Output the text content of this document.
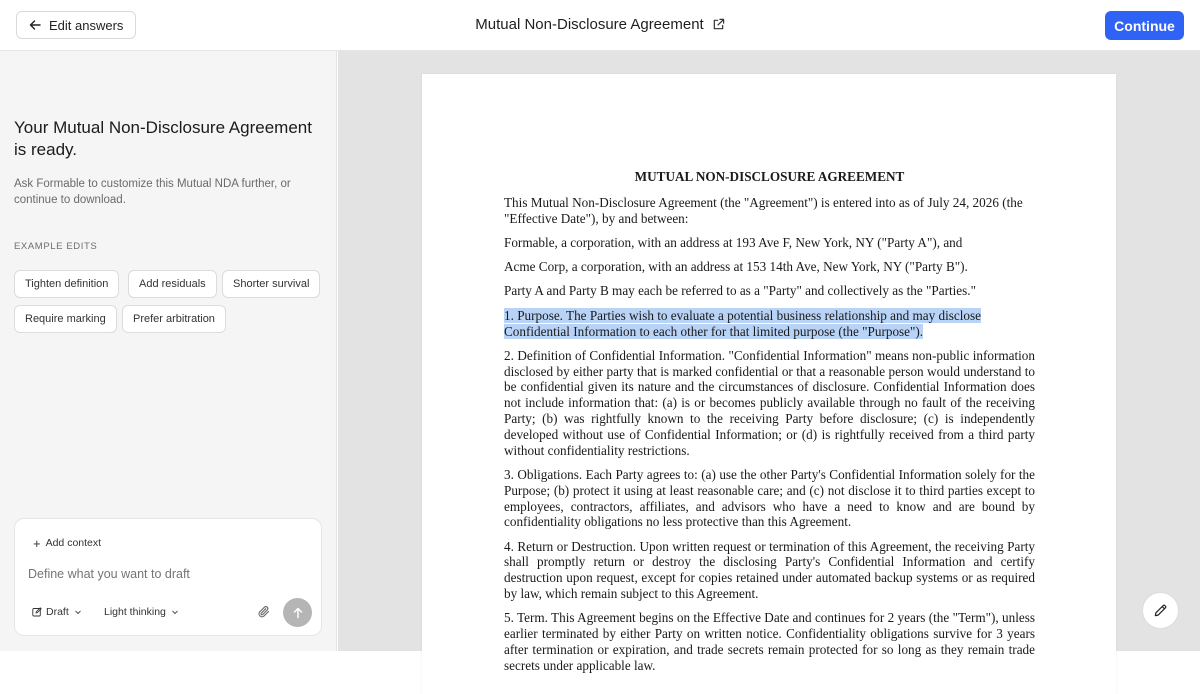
Edit answers	Mutual Non-Disclosure Agreement	Continue
Your Mutual Non-Disclosure Agreement is ready.
Ask Formable to customize this Mutual NDA further, or continue to download.
EXAMPLE EDITS
Tighten definition	Add residuals	Shorter survival
Require marking	Prefer arbitration
+ Add context
Define what you want to draft
Draft	Light thinking
MUTUAL NON-DISCLOSURE AGREEMENT

This Mutual Non-Disclosure Agreement (the "Agreement") is entered into as of July 24, 2026 (the "Effective Date"), by and between:

Formable, a corporation, with an address at 193 Ave F, New York, NY ("Party A"), and

Acme Corp, a corporation, with an address at 153 14th Ave, New York, NY ("Party B").

Party A and Party B may each be referred to as a "Party" and collectively as the "Parties."

1. Purpose. The Parties wish to evaluate a potential business relationship and may disclose Confidential Information to each other for that limited purpose (the "Purpose").

2. Definition of Confidential Information. "Confidential Information" means non-public information disclosed by either party that is marked confidential or that a reasonable person would understand to be confidential given its nature and the circumstances of disclosure. Confidential Information does not include information that: (a) is or becomes publicly available through no fault of the receiving Party; (b) was rightfully known to the receiving Party before disclosure; (c) is independently developed without use of Confidential Information; or (d) is rightfully received from a third party without confidentiality restrictions.

3. Obligations. Each Party agrees to: (a) use the other Party's Confidential Information solely for the Purpose; (b) protect it using at least reasonable care; and (c) not disclose it to third parties except to employees, contractors, affiliates, and advisors who have a need to know and are bound by confidentiality obligations no less protective than this Agreement.

4. Return or Destruction. Upon written request or termination of this Agreement, the receiving Party shall promptly return or destroy the disclosing Party's Confidential Information and certify destruction upon request, except for copies retained under automated backup systems or as required by law, which remain subject to this Agreement.

5. Term. This Agreement begins on the Effective Date and continues for 2 years (the "Term"), unless earlier terminated by either Party on written notice. Confidentiality obligations survive for 3 years after termination or expiration, and trade secrets remain protected for so long as they remain trade secrets under applicable law.
